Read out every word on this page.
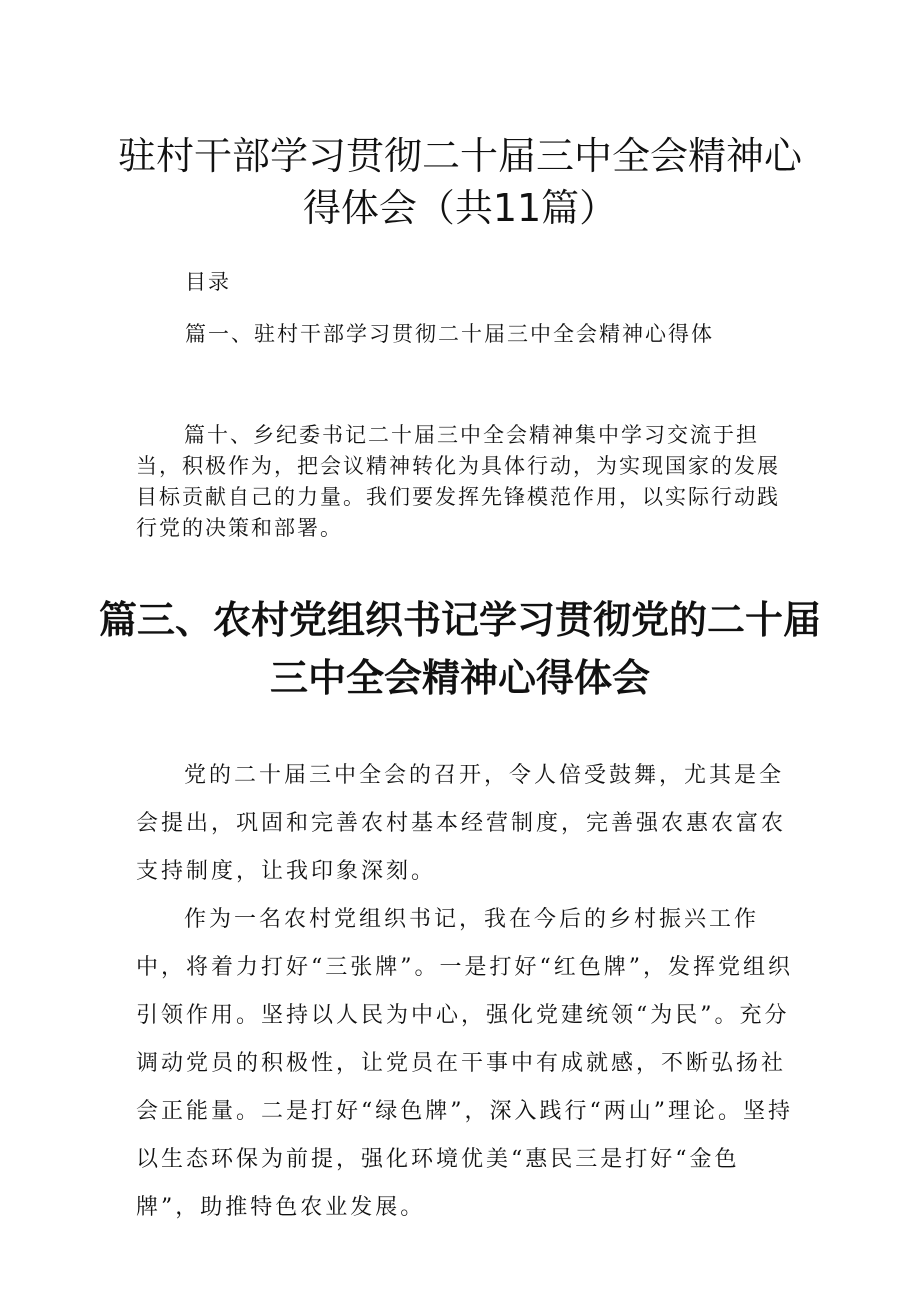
驻村干部学习贯彻二十届三中全会精神心
得体会（共11篇）
目录
篇一、驻村干部学习贯彻二十届三中全会精神心得体

篇十、乡纪委书记二十届三中全会精神集中学习交流于担当，积极作为，把会议精神转化为具体行动，为实现国家的发展目标贡献自己的力量。我们要发挥先锋模范作用，以实际行动践行党的决策和部署。

篇三、农村党组织书记学习贯彻党的二十届
三中全会精神心得体会

党的二十届三中全会的召开，令人倍受鼓舞，尤其是全会提出，巩固和完善农村基本经营制度，完善强农惠农富农支持制度，让我印象深刻。

作为一名农村党组织书记，我在今后的乡村振兴工作中，将着力打好“三张牌”。一是打好“红色牌”，发挥党组织引领作用。坚持以人民为中心，强化党建统领“为民”。充分调动党员的积极性，让党员在干事中有成就感，不断弘扬社会正能量。二是打好“绿色牌”，深入践行“两山”理论。坚持以生态环保为前提，强化环境优美“惠民三是打好“金色牌”，助推特色农业发展。
